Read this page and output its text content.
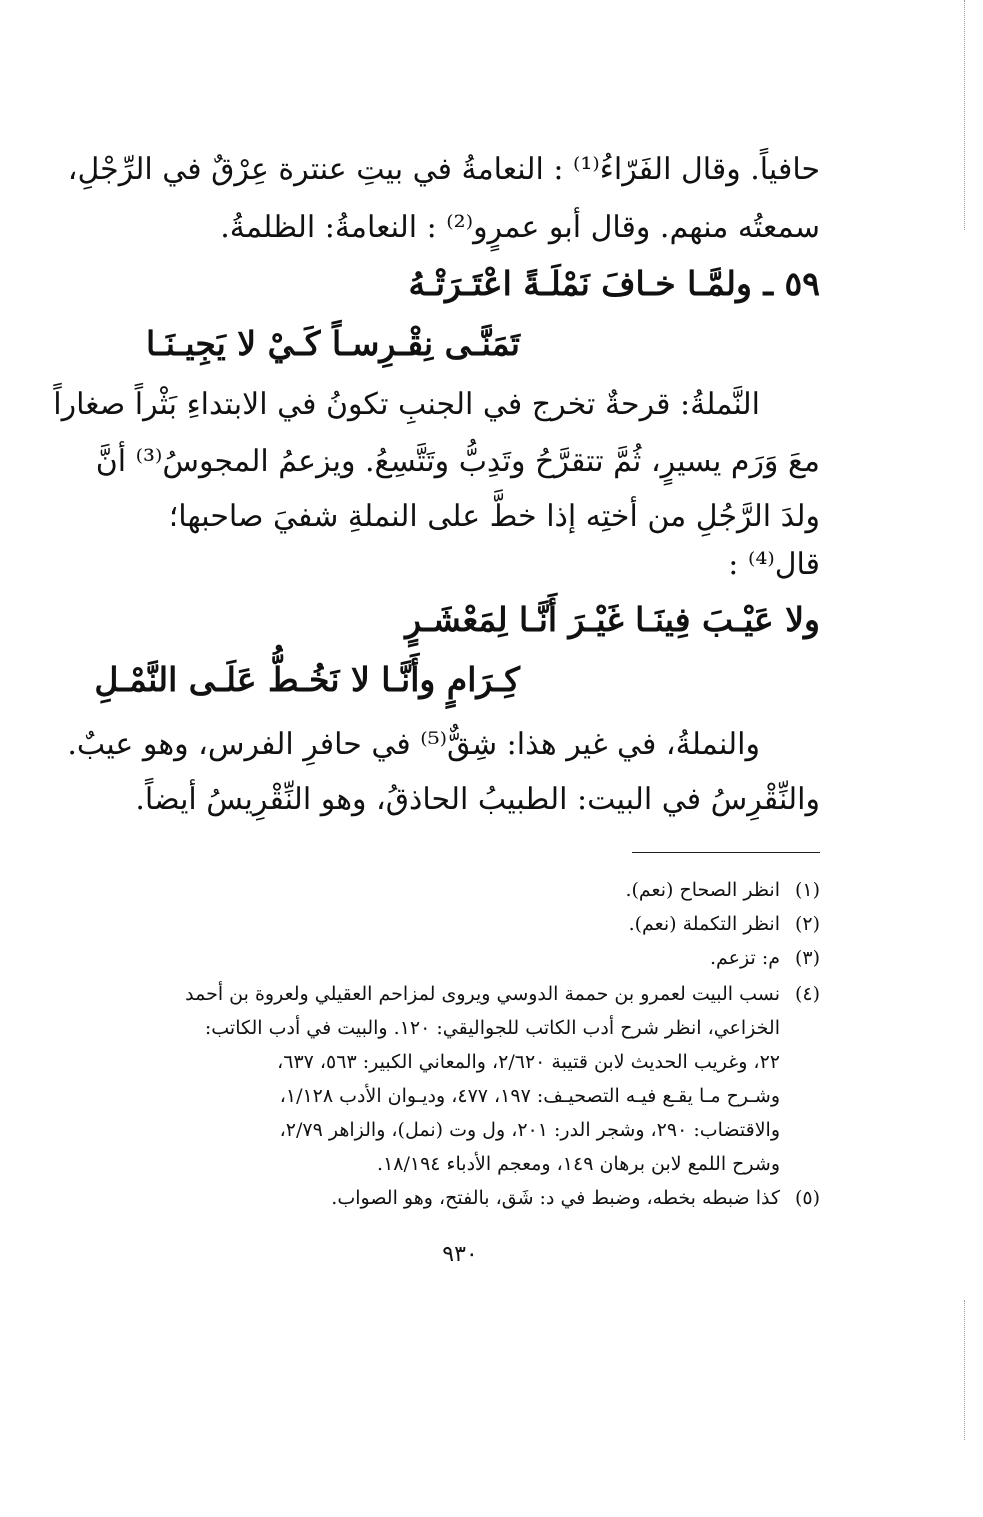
حافياً. وقال الفَرّاءُ⁽¹⁾ : النعامةُ في بيتِ عنترة عِرْقٌ في الرِّجْلِ،
سمعتُه منهم. وقال أبو عمرٍو⁽²⁾ : النعامةُ: الظلمةُ.
٥٩ ـ ولمَّـا خـافَ نَمْلَـةً اعْتَـرَتْـهُ
تَمَنَّـى نِقْـرِسـاً كَـيْ لا يَجِيـنَـا
النَّملةُ: قرحةٌ تخرج في الجنبِ تكونُ في الابتداءِ بَثْراً صغاراً
معَ وَرَم يسيرٍ، ثُمَّ تتقرَّحُ وتَدِبُّ وتَتَّسِعُ. ويزعمُ المجوسُ⁽³⁾ أنَّ
ولدَ الرَّجُلِ من أختِه إذا خطَّ على النملةِ شفيَ صاحبها؛
قال⁽⁴⁾ :
ولا عَيْـبَ فِينَـا غَيْـرَ أَنَّـا لِمَعْشَـرٍ
كِـرَامٍ وأَنَّـا لا نَخُـطُّ عَلَـى النَّمْـلِ
والنملةُ، في غير هذا: شِقٌّ⁽⁵⁾ في حافرِ الفرس، وهو عيبٌ.
والنِّقْرِسُ في البيت: الطبيبُ الحاذقُ، وهو النِّقْرِيسُ أيضاً.
(١)انظر الصحاح (نعم).
(٢)انظر التكملة (نعم).
(٣)م: تزعم.
(٤)نسب البيت لعمرو بن حممة الدوسي ويروى لمزاحم العقيلي ولعروة بن أحمد
الخزاعي، انظر شرح أدب الكاتب للجواليقي: ١٢٠. والبيت في أدب الكاتب:
٢٢، وغريب الحديث لابن قتيبة ٢/٦٢٠، والمعاني الكبير: ٥٦٣، ٦٣٧،
وشـرح مـا يقـع فيـه التصحيـف: ١٩٧، ٤٧٧، وديـوان الأدب ١/١٢٨،
والاقتضاب: ٢٩٠، وشجر الدر: ٢٠١، ول وت (نمل)، والزاهر ٢/٧٩،
وشرح اللمع لابن برهان ١٤٩، ومعجم الأدباء ١٨/١٩٤.
(٥)كذا ضبطه بخطه، وضبط في د: شَق، بالفتح، وهو الصواب.
٩٣٠
